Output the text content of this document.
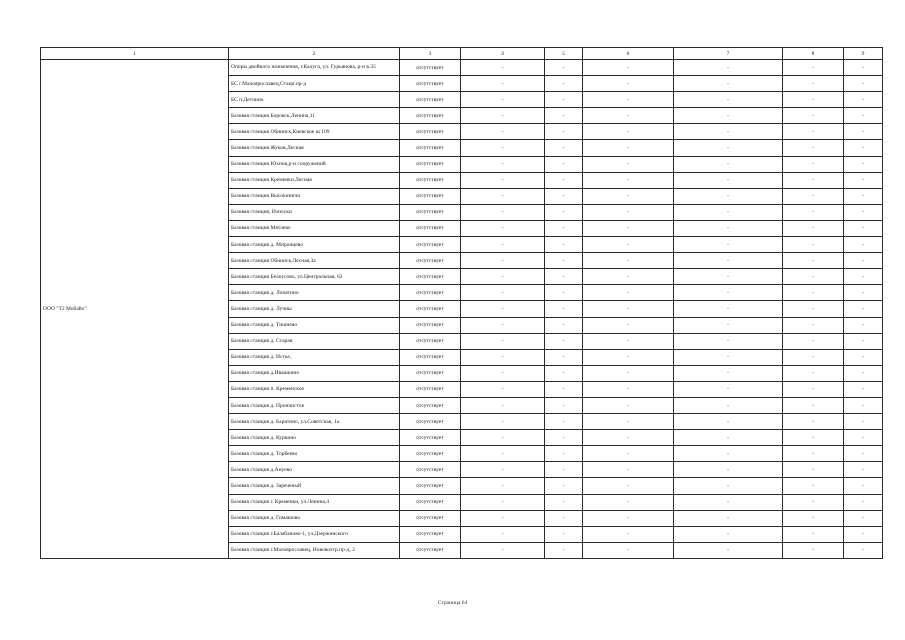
1	2	3	4	5	6	7	8	9
ООО "Т2 Мобайл"	Опоры двойного назначения, г.Калуга, ул. Гурьянова, р-н в.35	отсутствует	-	-	-	-	-	-
	БС г.Малоярославец,Стаци.пр-д	отсутствует	-	-	-	-	-	-
	БС п.Детчино	отсутствует	-	-	-	-	-	-
	Базовая станция Боровск,Ленина,11	отсутствует	-	-	-	-	-	-
	Базовая станция Обнинск,Киевское ш 109	отсутствует	-	-	-	-	-	-
	Базовая станция Жуков,Лесная	отсутствует	-	-	-	-	-	-
	Базовая станция Юхнов,р-н сооружений	отсутствует	-	-	-	-	-	-
	Базовая станция Кременки,Лесная	отсутствует	-	-	-	-	-	-
	Базовая станция Высокиничи	отсутствует	-	-	-	-	-	-
	Базовая станция, Износки	отсутствует	-	-	-	-	-	-
	Базовая станция Мятлево	отсутствует	-	-	-	-	-	-
	Базовая станция д. Миронцево	отсутствует	-	-	-	-	-	-
	Базовая станция Обнинск,Лесная,3а	отсутствует	-	-	-	-	-	-
	Базовая станция Белоусово, ул.Центральная, 62	отсутствует	-	-	-	-	-	-
	Базовая станция д. Лопатино	отсутствует	-	-	-	-	-	-
	Базовая станция д. Лучны	отсутствует	-	-	-	-	-	-
	Базовая станция д. Тишнево	отсутствует	-	-	-	-	-	-
	Базовая станция д. Старая	отсутствует	-	-	-	-	-	-
	Базовая станция д. Истье,	отсутствует	-	-	-	-	-	-
	Базовая станция д.Ивашкино	отсутствует	-	-	-	-	-	-
	Базовая станция п. Кременское	отсутствует	-	-	-	-	-	-
	Базовая станция д. Прончистое	отсутствует	-	-	-	-	-	-
	Базовая станция д. Барятино, ул.Советская, 1а	отсутствует	-	-	-	-	-	-
	Базовая станция д. Куркино	отсутствует	-	-	-	-	-	-
	Базовая станция д. Торбеево	отсутствует	-	-	-	-	-	-
	Базовая станция д.Ануево	отсутствует	-	-	-	-	-	-
	Базовая станция д. Зареченый	отсутствует	-	-	-	-	-	-
	Базовая станция г. Кременки, ул.Ленина,4	отсутствует	-	-	-	-	-	-
	Базовая станция д. Гимашово	отсутствует	-	-	-	-	-	-
	Базовая станция г.Балабаново-1, ул.Дзержинского	отсутствует	-	-	-	-	-	-
	Базовая станция г.Малоярославец, Нововохтр.пр-д, 2	отсутствует	-	-	-	-	-	-
Страница 64
